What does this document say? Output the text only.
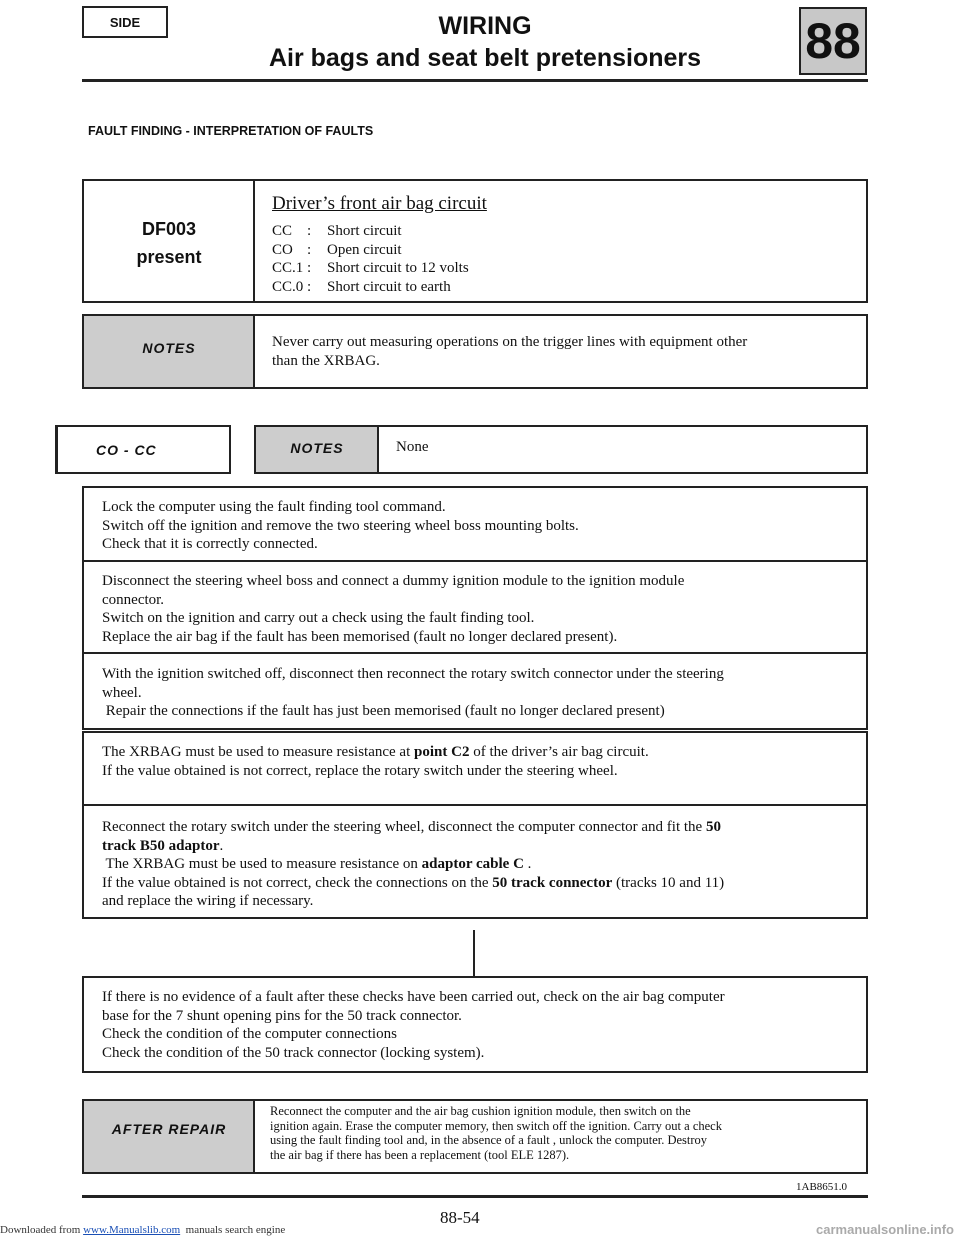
SIDE	WIRING
Air bags and seat belt pretensioners	88
FAULT FINDING - INTERPRETATION OF FAULTS
DF003
present
Driver’s front air bag circuit
CC : Short circuit
CO : Open circuit
CC.1 : Short circuit to 12 volts
CC.0 : Short circuit to earth
NOTES	Never carry out measuring operations on the trigger lines with equipment other
than the XRBAG.
CO - CC	NOTES	None
Lock the computer using the fault finding tool command.
Switch off the ignition and remove the two steering wheel boss mounting bolts.
Check that it is correctly connected.
Disconnect the steering wheel boss and connect a dummy ignition module to the ignition module
connector.
Switch on the ignition and carry out a check using the fault finding tool.
Replace the air bag if the fault has been memorised (fault no longer declared present).
With the ignition switched off, disconnect then reconnect the rotary switch connector under the steering
wheel.
Repair the connections if the fault has just been memorised (fault no longer declared present)
The XRBAG must be used to measure resistance at point C2 of the driver’s air bag circuit.
If the value obtained is not correct, replace the rotary switch under the steering wheel.
Reconnect the rotary switch under the steering wheel, disconnect the computer connector and fit the 50
track B50 adaptor.
The XRBAG must be used to measure resistance on adaptor cable C .
If the value obtained is not correct, check the connections on the 50 track connector (tracks 10 and 11)
and replace the wiring if necessary.
If there is no evidence of a fault after these checks have been carried out, check on the air bag computer
base for the 7 shunt opening pins for the 50 track connector.
Check the condition of the computer connections
Check the condition of the 50 track connector (locking system).
AFTER REPAIR
Reconnect the computer and the air bag cushion ignition module, then switch on the
ignition again. Erase the computer memory, then switch off the ignition. Carry out a check
using the fault finding tool and, in the absence of a fault , unlock the computer. Destroy
the air bag if there has been a replacement (tool ELE 1287).
1AB8651.0
88-54
Downloaded from www.Manualslib.com  manuals search engine	carmanualsonline.info
